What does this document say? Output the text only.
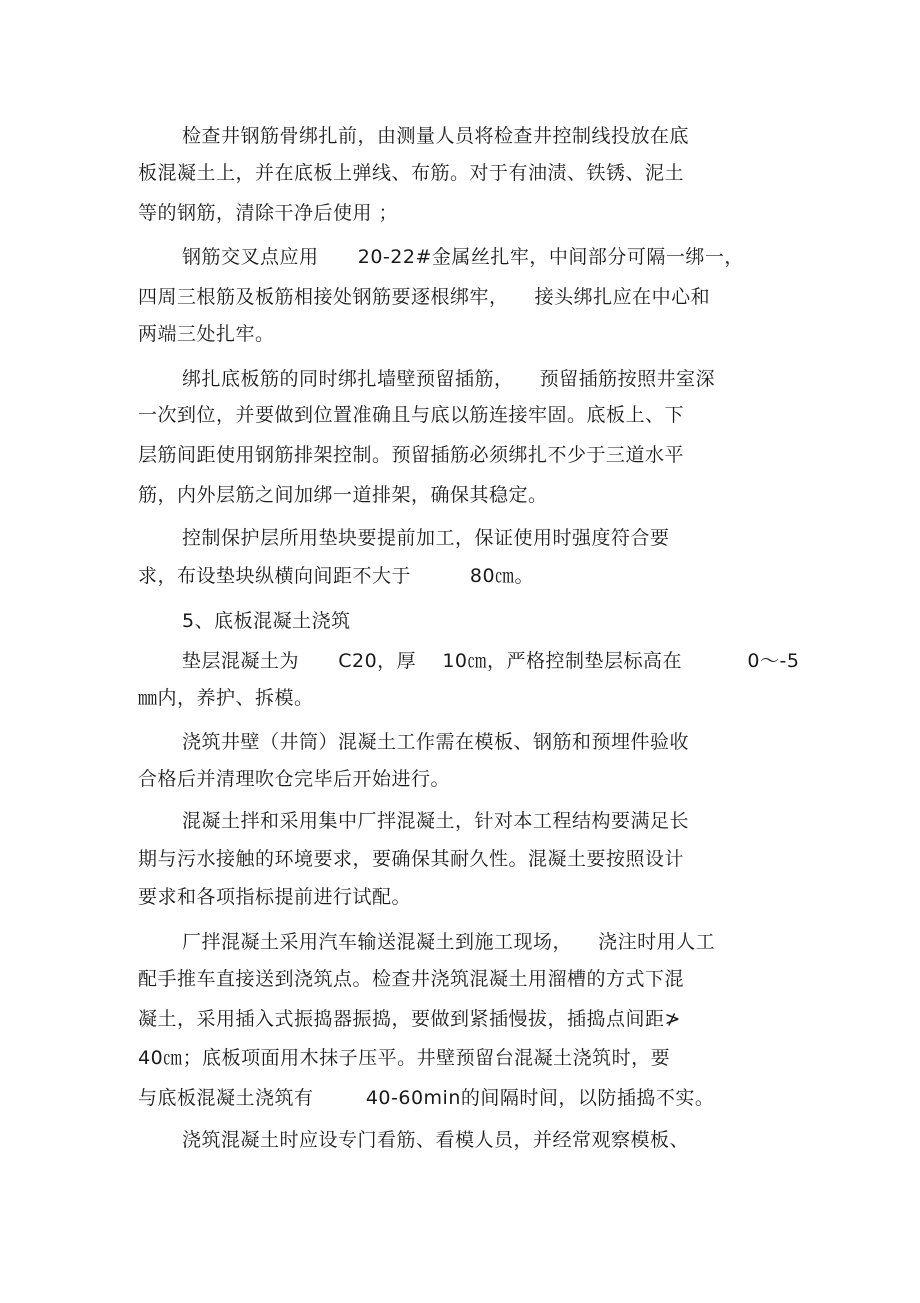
检查井钢筋骨绑扎前，由测量人员将检查井控制线投放在底
板混凝土上，并在底板上弹线、布筋。对于有油渍、铁锈、泥土
等的钢筋，清除干净后使用 ；
钢筋交叉点应用      20-22#金属丝扎牢，中间部分可隔一绑一，
四周三根筋及板筋相接处钢筋要逐根绑牢，    接头绑扎应在中心和
两端三处扎牢。
绑扎底板筋的同时绑扎墙壁预留插筋，    预留插筋按照井室深
一次到位，并要做到位置准确且与底以筋连接牢固。底板上、下
层筋间距使用钢筋排架控制。预留插筋必须绑扎不少于三道水平
筋，内外层筋之间加绑一道排架，确保其稳定。
控制保护层所用垫块要提前加工，保证使用时强度符合要
求，布设垫块纵横向间距不大于         80㎝。
5、底板混凝土浇筑
垫层混凝土为      C20，厚    10㎝，严格控制垫层标高在          0～-5
㎜内，养护、拆模。
浇筑井壁（井筒）混凝土工作需在模板、钢筋和预埋件验收
合格后并清理吹仓完毕后开始进行。
混凝土拌和采用集中厂拌混凝土，针对本工程结构要满足长
期与污水接触的环境要求，要确保其耐久性。混凝土要按照设计
要求和各项指标提前进行试配。
厂拌混凝土采用汽车输送混凝土到施工现场，    浇注时用人工
配手推车直接送到浇筑点。检查井浇筑混凝土用溜槽的方式下混
凝土，采用插入式振捣器振捣，要做到紧插慢拔，插捣点间距≯
40㎝；底板项面用木抹子压平。井壁预留台混凝土浇筑时，要
与底板混凝土浇筑有        40-60min的间隔时间，以防插捣不实。
浇筑混凝土时应设专门看筋、看模人员，并经常观察模板、
